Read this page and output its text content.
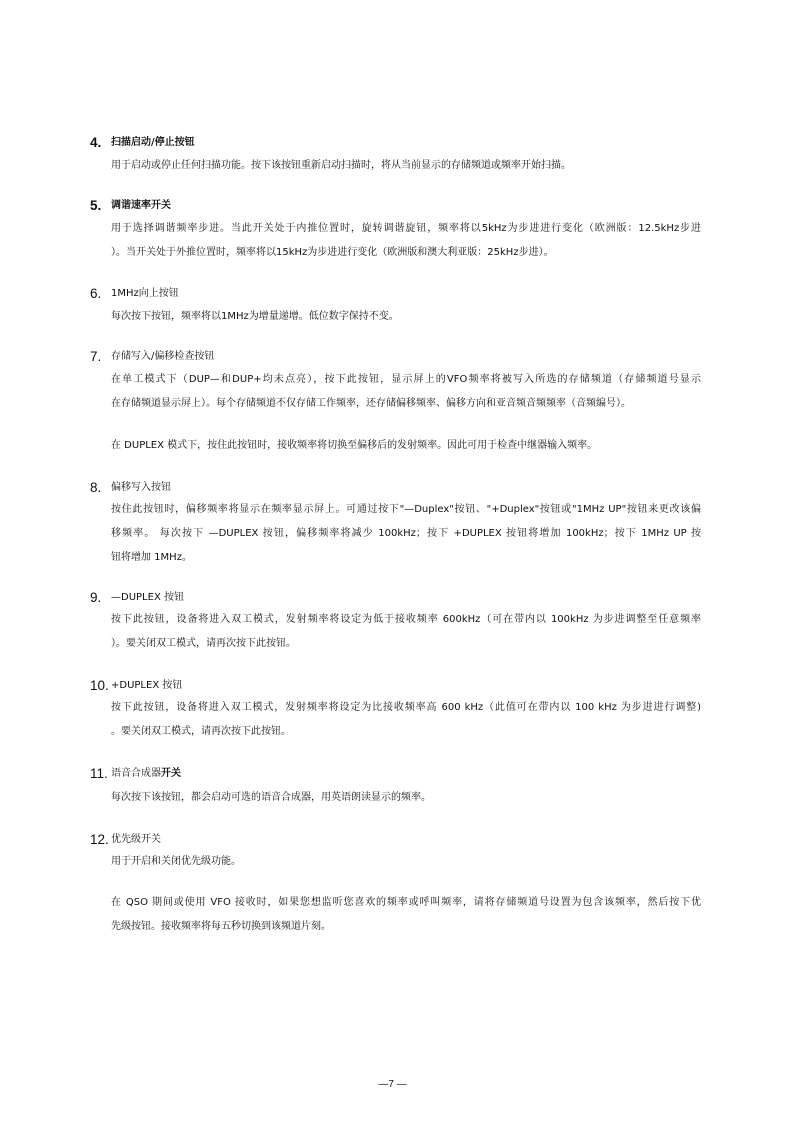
4. 扫描启动/停止按钮
用于启动或停止任何扫描功能。按下该按钮重新启动扫描时，将从当前显示的存储频道或频率开始扫描。
5. 调谐速率开关
用于选择调谐频率步进。当此开关处于内推位置时，旋转调谐旋钮，频率将以5kHz为步进进行变化（欧洲版：12.5kHz步进
）。当开关处于外推位置时，频率将以15kHz为步进进行变化（欧洲版和澳大利亚版：25kHz步进）。
6. 1MHz向上按钮
每次按下按钮，频率将以1MHz为增量递增。低位数字保持不变。
7. 存储写入/偏移检查按钮
在单工模式下（DUP—和DUP+均未点亮），按下此按钮，显示屏上的VFO频率将被写入所选的存储频道（存储频道号显示
在存储频道显示屏上）。每个存储频道不仅存储工作频率，还存储偏移频率、偏移方向和亚音频音频频率（音频编号）。
在 DUPLEX 模式下，按住此按钮时，接收频率将切换至偏移后的发射频率。因此可用于检查中继器输入频率。
8. 偏移写入按钮
按住此按钮时，偏移频率将显示在频率显示屏上。可通过按下"—Duplex"按钮、"+Duplex"按钮或"1MHz UP"按钮来更改该偏
移频率。 每次按下 —DUPLEX 按钮，偏移频率将减少 100kHz；按下 +DUPLEX 按钮将增加 100kHz；按下 1MHz UP 按
钮将增加 1MHz。
9. —DUPLEX 按钮
按下此按钮，设备将进入双工模式，发射频率将设定为低于接收频率 600kHz（可在带内以 100kHz 为步进调整至任意频率
）。要关闭双工模式，请再次按下此按钮。
10. +DUPLEX 按钮
按下此按钮，设备将进入双工模式，发射频率将设定为比接收频率高 600 kHz（此值可在带内以 100 kHz 为步进进行调整)
。要关闭双工模式，请再次按下此按钮。
11. 语音合成器开关
每次按下该按钮，都会启动可选的语音合成器，用英语朗读显示的频率。
12. 优先级开关
用于开启和关闭优先级功能。
在 QSO 期间或使用 VFO 接收时，如果您想监听您喜欢的频率或呼叫频率，请将存储频道号设置为包含该频率，然后按下优
先级按钮。接收频率将每五秒切换到该频道片刻。
—7 —
